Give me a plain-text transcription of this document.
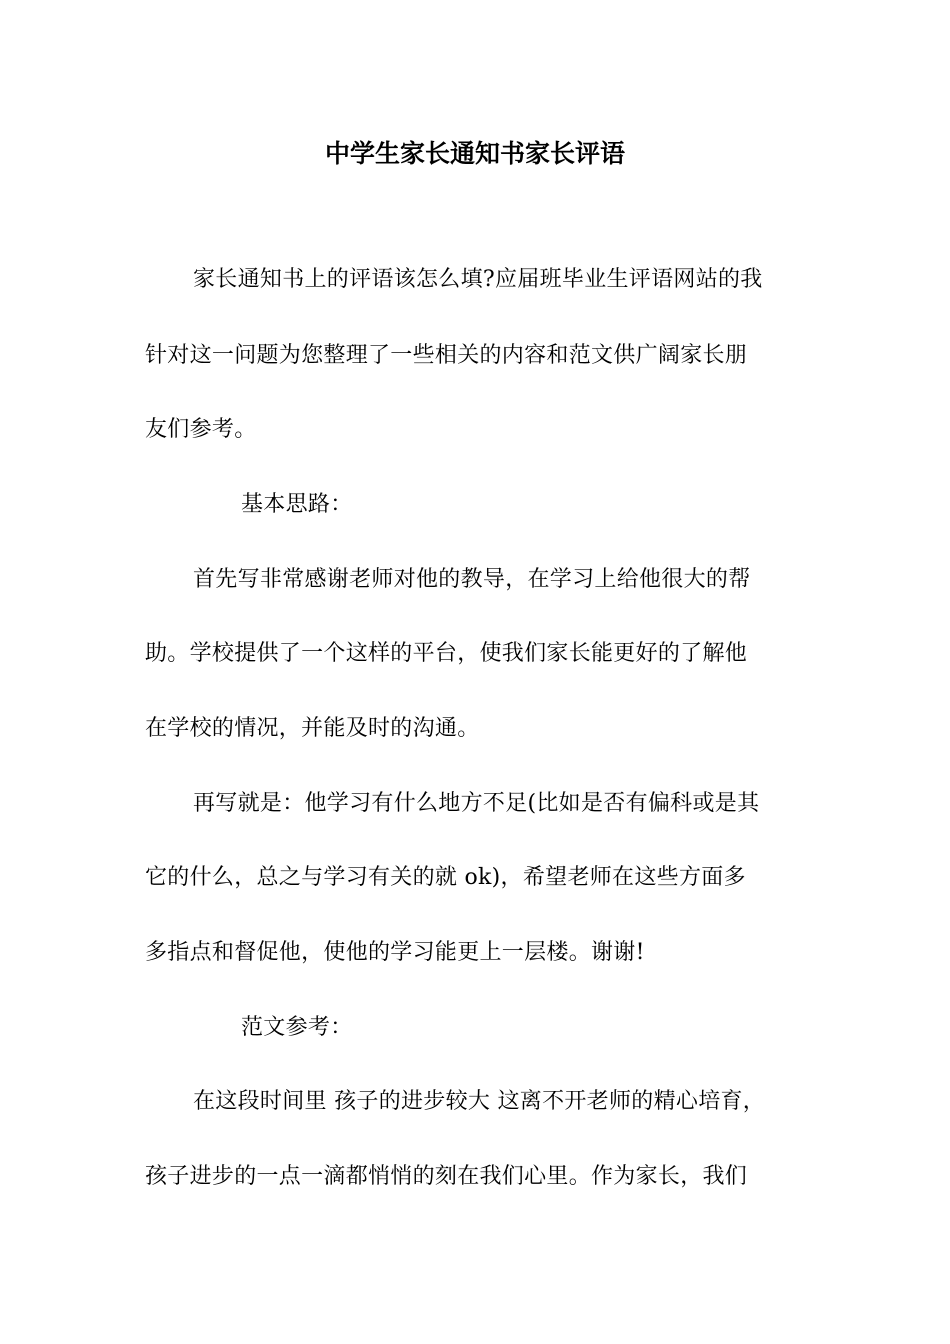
中学生家长通知书家长评语
家长通知书上的评语该怎么填?应届班毕业生评语网站的我
针对这一问题为您整理了一些相关的内容和范文供广阔家长朋
友们参考。
基本思路：
首先写非常感谢老师对他的教导，在学习上给他很大的帮
助。学校提供了一个这样的平台，使我们家长能更好的了解他
在学校的情况，并能及时的沟通。
再写就是：他学习有什么地方不足(比如是否有偏科或是其
它的什么，总之与学习有关的就 ok)，希望老师在这些方面多
多指点和督促他，使他的学习能更上一层楼。谢谢!
范文参考：
在这段时间里 孩子的进步较大 这离不开老师的精心培育，
孩子进步的一点一滴都悄悄的刻在我们心里。作为家长，我们
